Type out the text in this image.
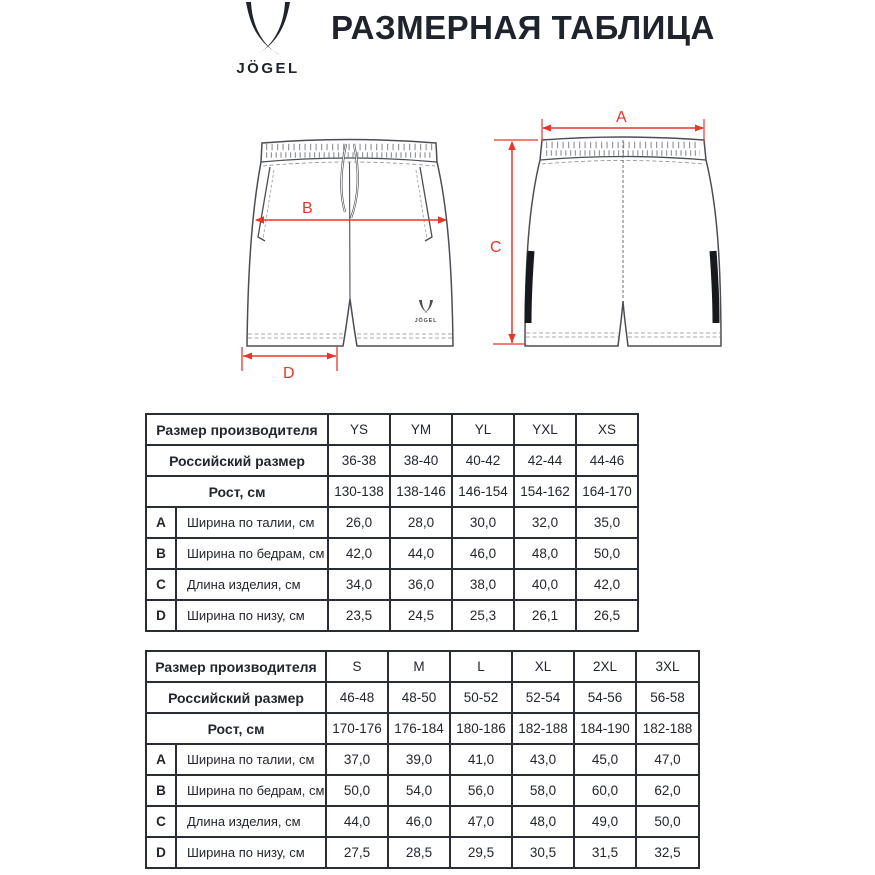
JÖGEL
РАЗМЕРНАЯ ТАБЛИЦА
JÖGEL
B
D
A
C
Размер производителя		YS	YM	YL	YXL	XS
Российский размер		36-38	38-40	40-42	42-44	44-46
Рост, см		130-138	138-146	146-154	154-162	164-170
A	Ширина по талии, см	26,0	28,0	30,0	32,0	35,0
B	Ширина по бедрам, см	42,0	44,0	46,0	48,0	50,0
C	Длина изделия, см	34,0	36,0	38,0	40,0	42,0
D	Ширина по низу, см	23,5	24,5	25,3	26,1	26,5
Размер производителя		S	M	L	XL	2XL	3XL
Российский размер		46-48	48-50	50-52	52-54	54-56	56-58
Рост, см		170-176	176-184	180-186	182-188	184-190	182-188
A	Ширина по талии, см	37,0	39,0	41,0	43,0	45,0	47,0
B	Ширина по бедрам, см	50,0	54,0	56,0	58,0	60,0	62,0
C	Длина изделия, см	44,0	46,0	47,0	48,0	49,0	50,0
D	Ширина по низу, см	27,5	28,5	29,5	30,5	31,5	32,5
